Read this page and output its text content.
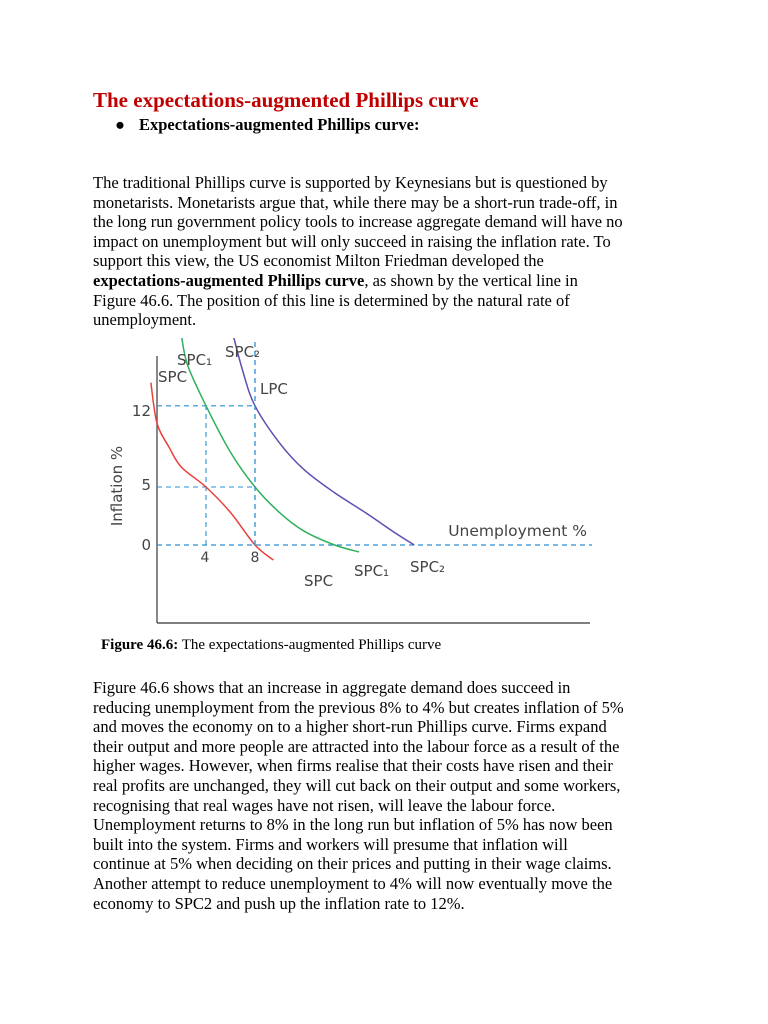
The expectations-augmented Phillips curve

● Expectations-augmented Phillips curve:

The traditional Phillips curve is supported by Keynesians but is questioned by
monetarists. Monetarists argue that, while there may be a short-run trade-off, in
the long run government policy tools to increase aggregate demand will have no
impact on unemployment but will only succeed in raising the inflation rate. To
support this view, the US economist Milton Friedman developed the
expectations-augmented Phillips curve, as shown by the vertical line in
Figure 46.6. The position of this line is determined by the natural rate of
unemployment.

12
5
0
4	8
Inflation %
Unemployment %
SPC₁ SPC₂
SPC
LPC
SPC
SPC₁ SPC₂

Figure 46.6: The expectations-augmented Phillips curve

Figure 46.6 shows that an increase in aggregate demand does succeed in
reducing unemployment from the previous 8% to 4% but creates inflation of 5%
and moves the economy on to a higher short-run Phillips curve. Firms expand
their output and more people are attracted into the labour force as a result of the
higher wages. However, when firms realise that their costs have risen and their
real profits are unchanged, they will cut back on their output and some workers,
recognising that real wages have not risen, will leave the labour force.
Unemployment returns to 8% in the long run but inflation of 5% has now been
built into the system. Firms and workers will presume that inflation will
continue at 5% when deciding on their prices and putting in their wage claims.
Another attempt to reduce unemployment to 4% will now eventually move the
economy to SPC2 and push up the inflation rate to 12%.
